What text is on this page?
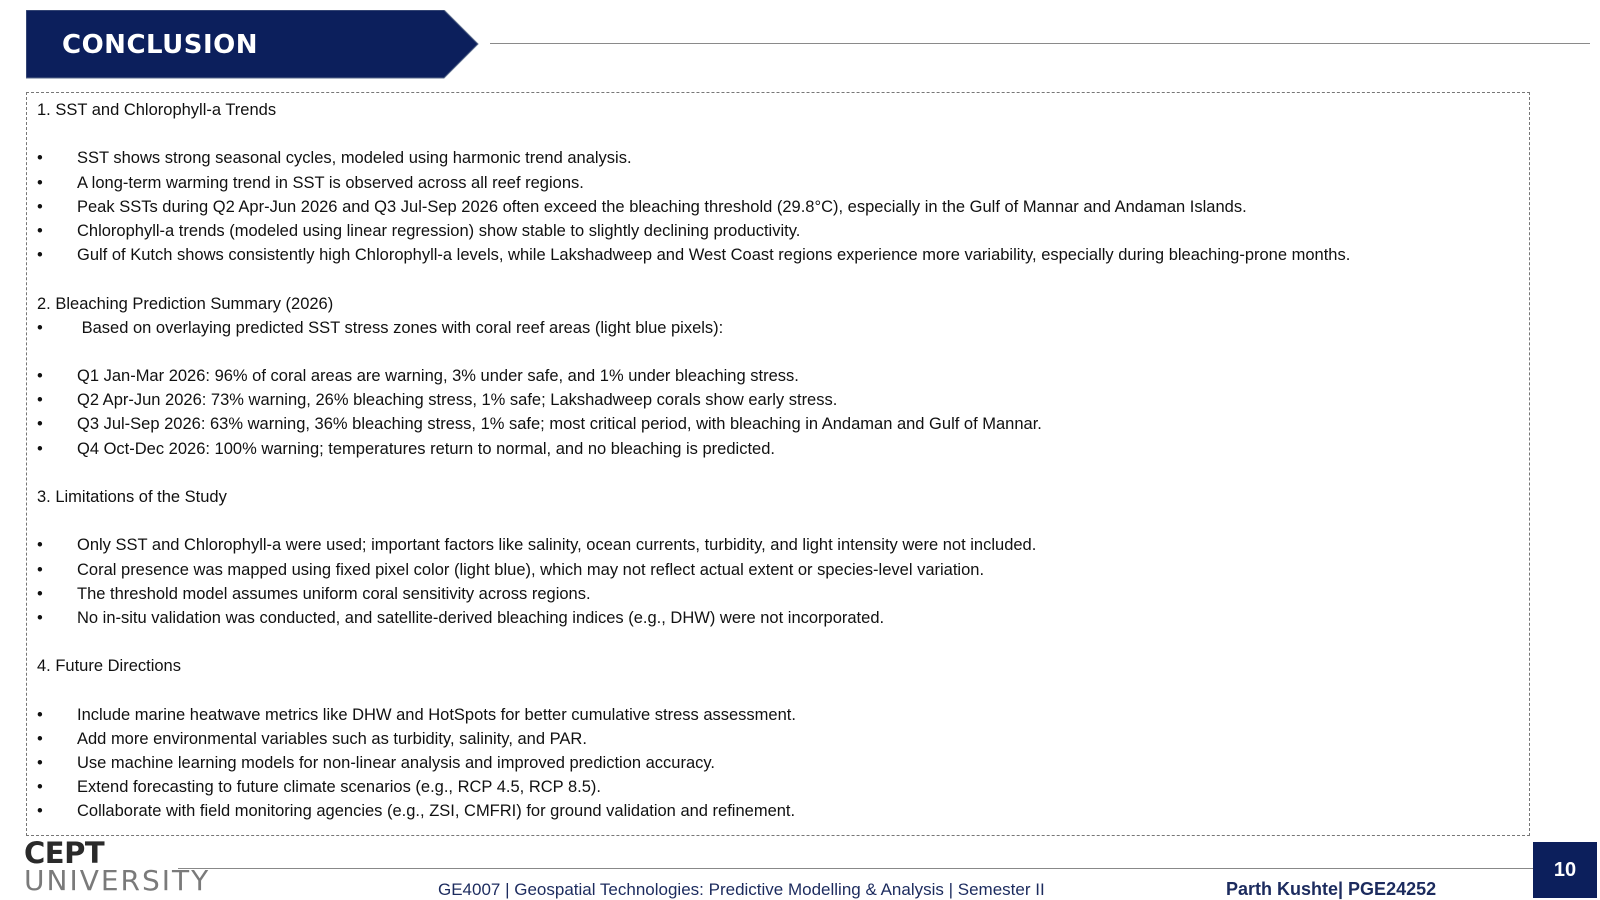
CONCLUSION
1. SST and Chlorophyll-a Trends
• SST shows strong seasonal cycles, modeled using harmonic trend analysis.
• A long-term warming trend in SST is observed across all reef regions.
• Peak SSTs during Q2 Apr-Jun 2026 and Q3 Jul-Sep 2026 often exceed the bleaching threshold (29.8°C), especially in the Gulf of Mannar and Andaman Islands.
• Chlorophyll-a trends (modeled using linear regression) show stable to slightly declining productivity.
• Gulf of Kutch shows consistently high Chlorophyll-a levels, while Lakshadweep and West Coast regions experience more variability, especially during bleaching-prone months.
2. Bleaching Prediction Summary (2026)
• Based on overlaying predicted SST stress zones with coral reef areas (light blue pixels):
• Q1 Jan-Mar 2026: 96% of coral areas are warning, 3% under safe, and 1% under bleaching stress.
• Q2 Apr-Jun 2026: 73% warning, 26% bleaching stress, 1% safe; Lakshadweep corals show early stress.
• Q3 Jul-Sep 2026: 63% warning, 36% bleaching stress, 1% safe; most critical period, with bleaching in Andaman and Gulf of Mannar.
• Q4 Oct-Dec 2026: 100% warning; temperatures return to normal, and no bleaching is predicted.
3. Limitations of the Study
• Only SST and Chlorophyll-a were used; important factors like salinity, ocean currents, turbidity, and light intensity were not included.
• Coral presence was mapped using fixed pixel color (light blue), which may not reflect actual extent or species-level variation.
• The threshold model assumes uniform coral sensitivity across regions.
• No in-situ validation was conducted, and satellite-derived bleaching indices (e.g., DHW) were not incorporated.
4. Future Directions
• Include marine heatwave metrics like DHW and HotSpots for better cumulative stress assessment.
• Add more environmental variables such as turbidity, salinity, and PAR.
• Use machine learning models for non-linear analysis and improved prediction accuracy.
• Extend forecasting to future climate scenarios (e.g., RCP 4.5, RCP 8.5).
• Collaborate with field monitoring agencies (e.g., ZSI, CMFRI) for ground validation and refinement.
CEPT
UNIVERSITY	GE4007 | Geospatial Technologies: Predictive Modelling & Analysis | Semester II	Parth Kushte| PGE24252
10
